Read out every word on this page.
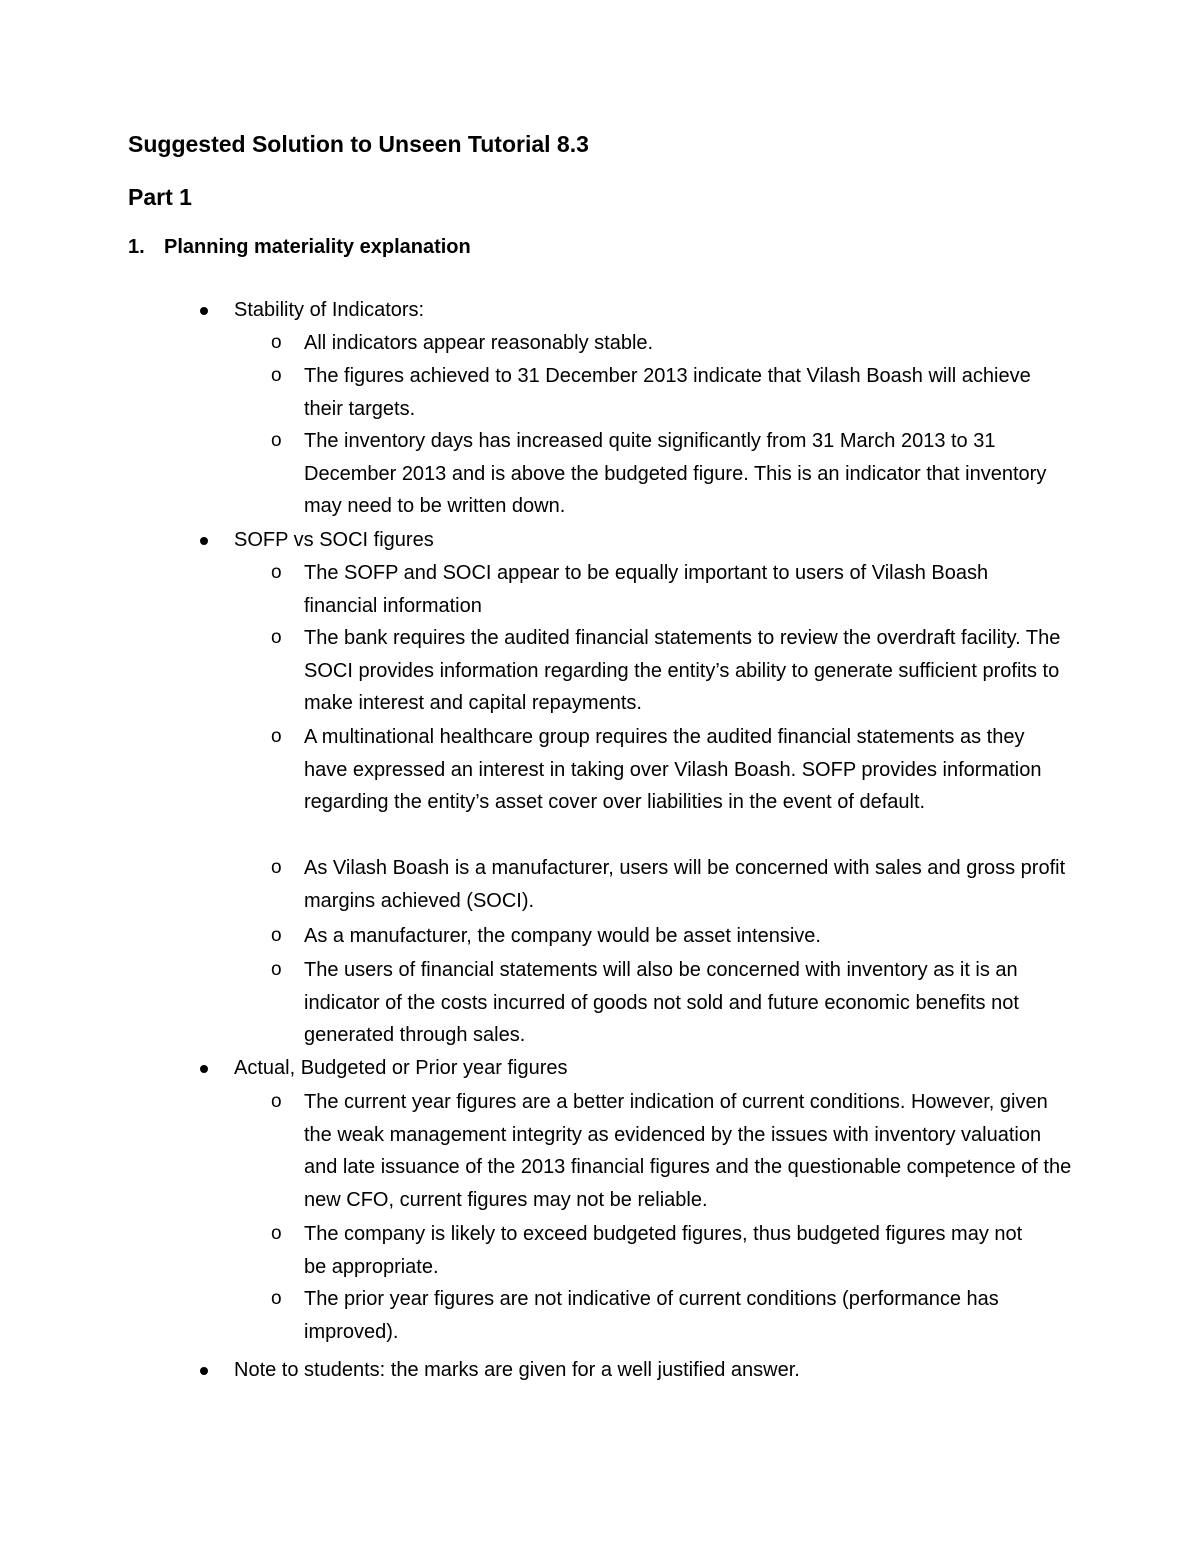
Suggested Solution to Unseen Tutorial 8.3
Part 1
1. Planning materiality explanation
Stability of Indicators:
o All indicators appear reasonably stable.
o The figures achieved to 31 December 2013 indicate that Vilash Boash will achieve their targets.
o The inventory days has increased quite significantly from 31 March 2013 to 31 December 2013 and is above the budgeted figure. This is an indicator that inventory may need to be written down.
SOFP vs SOCI figures
o The SOFP and SOCI appear to be equally important to users of Vilash Boash financial information
o The bank requires the audited financial statements to review the overdraft facility. The SOCI provides information regarding the entity’s ability to generate sufficient profits to make interest and capital repayments.
o A multinational healthcare group requires the audited financial statements as they have expressed an interest in taking over Vilash Boash. SOFP provides information regarding the entity’s asset cover over liabilities in the event of default.
o As Vilash Boash is a manufacturer, users will be concerned with sales and gross profit margins achieved (SOCI).
o As a manufacturer, the company would be asset intensive.
o The users of financial statements will also be concerned with inventory as it is an indicator of the costs incurred of goods not sold and future economic benefits not generated through sales.
Actual, Budgeted or Prior year figures
o The current year figures are a better indication of current conditions. However, given the weak management integrity as evidenced by the issues with inventory valuation and late issuance of the 2013 financial figures and the questionable competence of the new CFO, current figures may not be reliable.
o The company is likely to exceed budgeted figures, thus budgeted figures may not be appropriate.
o The prior year figures are not indicative of current conditions (performance has improved).
Note to students: the marks are given for a well justified answer.
